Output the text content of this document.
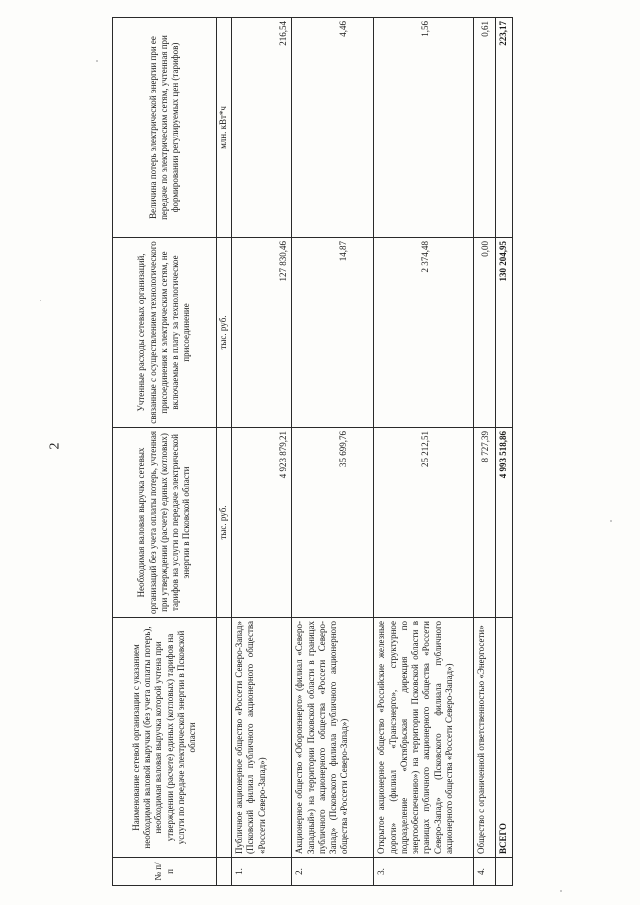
2
№ п/п	Наименование сетевой организации с указанием необходимой валовой выручки (без учета оплаты потерь), необходимая валовая выручка которой учтена при утверждении (расчете) единых (котловых) тарифов на услуги по передаче электрической энергии в Псковской области	Необходимая валовая выручка сетевых организаций без учета оплаты потерь, учтенная при утверждении (расчете) единых (котловых) тарифов на услуги по передаче электрической энергии в Псковской области	Учтенные расходы сетевых организаций, связанные с осуществлением технологического присоединения к электрическим сетям, не включаемые в плату за технологическое присоединение	Величина потерь электрической энергии при ее передаче по электрическим сетям, учтенная при формировании регулируемых цен (тарифов)
		тыс. руб.	тыс. руб.	млн. кВт*ч
1.	Публичное акционерное общество «Россети Северо-Запад» (Псковский филиал публичного акционерного общества «Россети Северо-Запад»)	4 923 879,21	127 830,46	216,54
2.	Акционерное общество «Оборонэнерго» (филиал «Северо-Западный») на территории Псковской области в границах публичного акционерного общества «Россети Северо-Запад» (Псковского филиала публичного акционерного общества «Россети Северо-Запад»)	35 699,76	14,87	4,46
3.	Открытое акционерное общество «Российские железные дороги» (филиал «Трансэнерго», структурное подразделение «Октябрьская дирекция по энергообеспечению») на территории Псковской области в границах публичного акционерного общества «Россети Северо-Запад» (Псковского филиала публичного акционерного общества «Россети Северо-Запад»)	25 212,51	2 374,48	1,56
4.	Общество с ограниченной ответственностью «Энергосети»	8 727,39	0,00	0,61
	ВСЕГО	4 993 518,86	130 204,95	223,17
